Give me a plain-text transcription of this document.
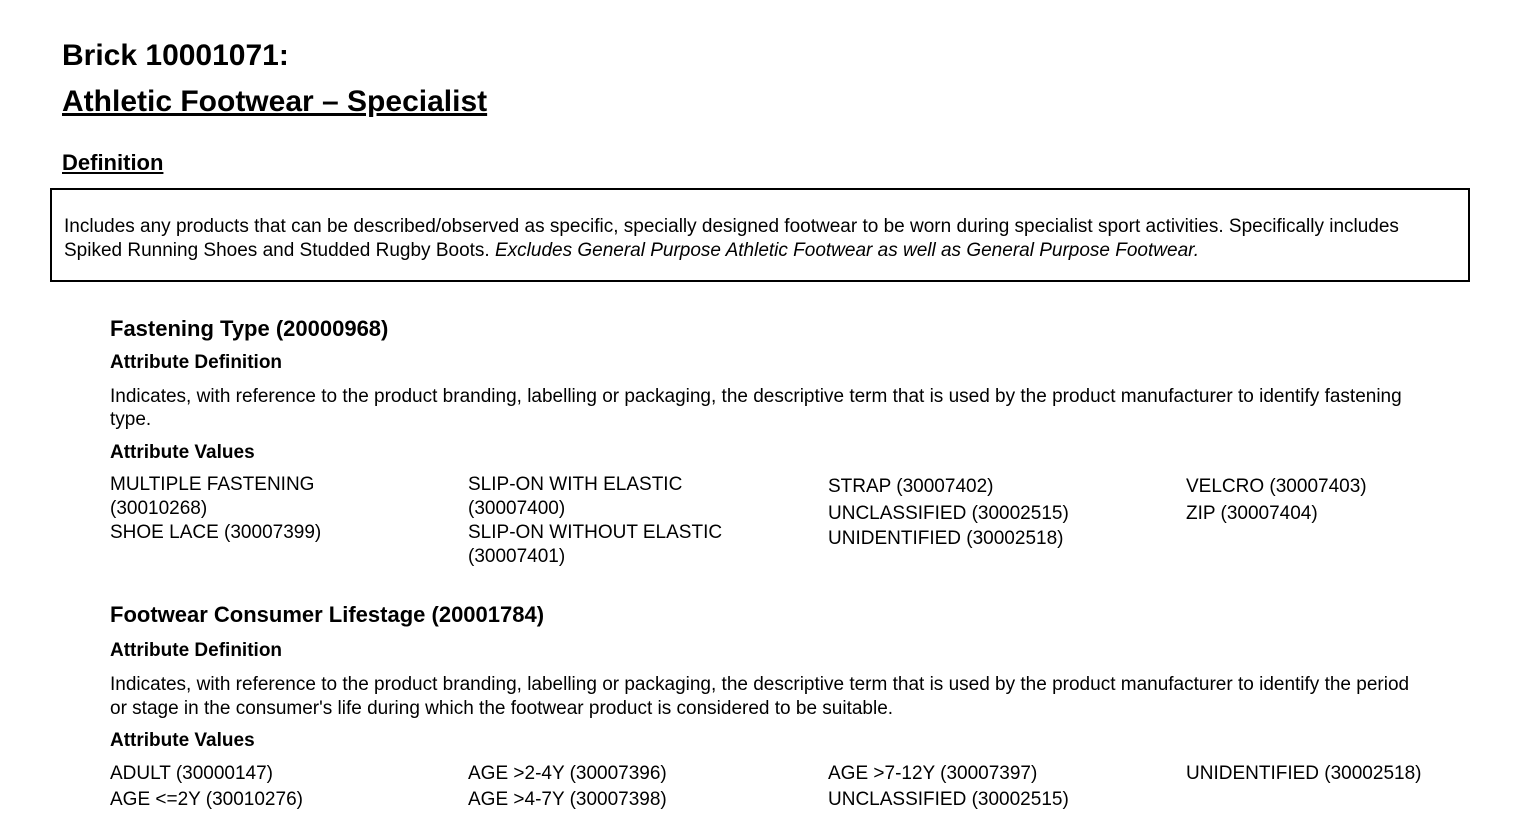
Brick 10001071:
Athletic Footwear – Specialist
Definition
Includes any products that can be described/observed as specific, specially designed footwear to be worn during specialist sport activities. Specifically includes Spiked Running Shoes and Studded Rugby Boots. Excludes General Purpose Athletic Footwear as well as General Purpose Footwear.
Fastening Type (20000968)
Attribute Definition
Indicates, with reference to the product branding, labelling or packaging, the descriptive term that is used by the product manufacturer to identify fastening type.
Attribute Values
MULTIPLE FASTENING (30010268)
SHOE LACE (30007399)
SLIP-ON WITH ELASTIC (30007400)
SLIP-ON WITHOUT ELASTIC (30007401)
STRAP (30007402)
UNCLASSIFIED (30002515)
UNIDENTIFIED (30002518)
VELCRO (30007403)
ZIP (30007404)
Footwear Consumer Lifestage (20001784)
Attribute Definition
Indicates, with reference to the product branding, labelling or packaging, the descriptive term that is used by the product manufacturer to identify the period or stage in the consumer's life during which the footwear product is considered to be suitable.
Attribute Values
ADULT (30000147)
AGE <=2Y (30010276)
AGE >2-4Y (30007396)
AGE >4-7Y (30007398)
AGE >7-12Y (30007397)
UNCLASSIFIED (30002515)
UNIDENTIFIED (30002518)
